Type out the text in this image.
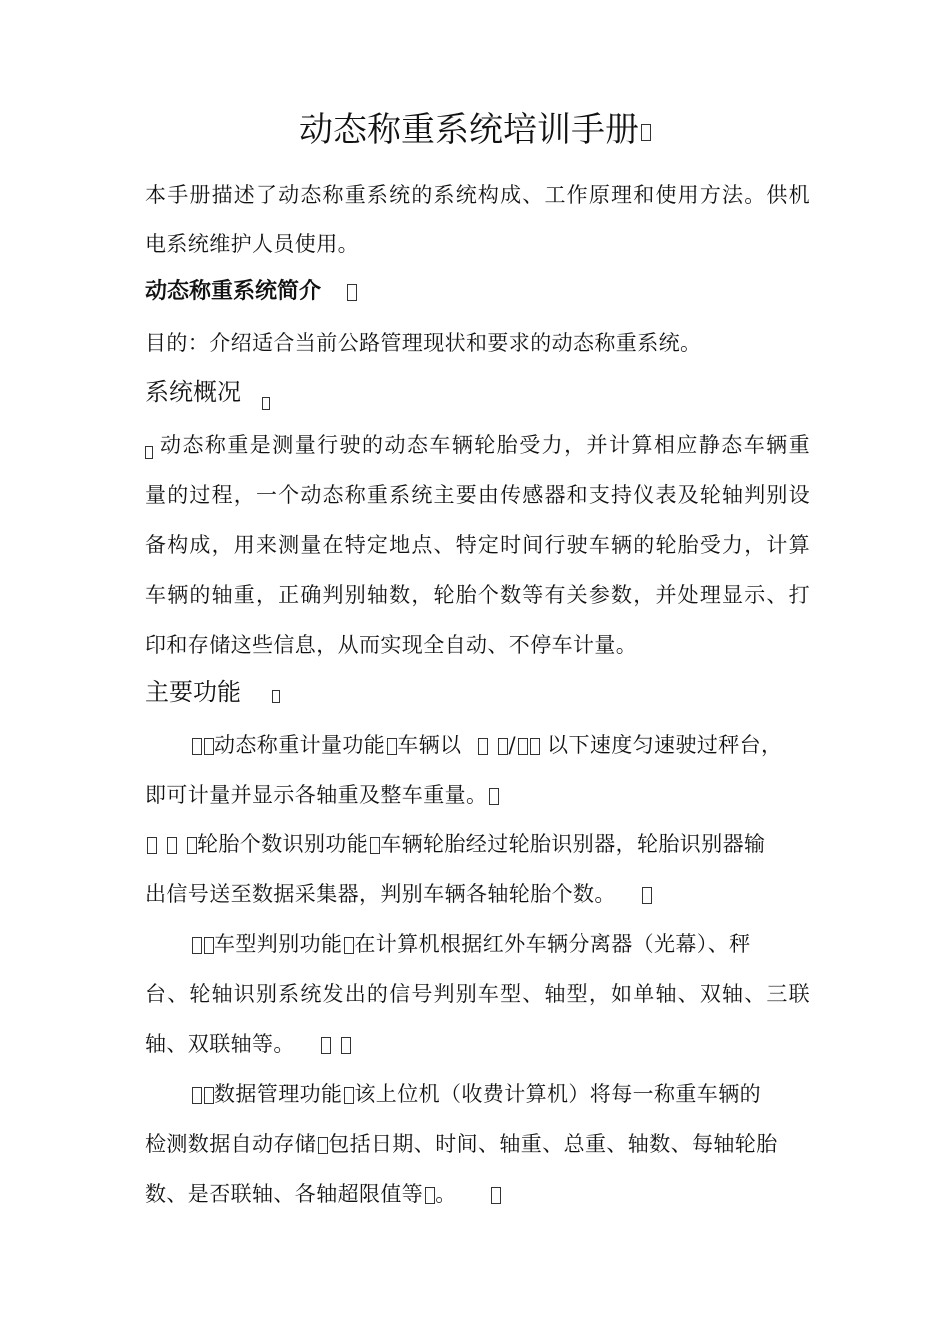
动态称重系统培训手册
本手册描述了动态称重系统的系统构成、工作原理和使用方法。供机
电系统维护人员使用。
动态称重系统简介
目的：介绍适合当前公路管理现状和要求的动态称重系统。
系统概况
动态称重是测量行驶的动态车辆轮胎受力，并计算相应静态车辆重
量的过程，一个动态称重系统主要由传感器和支持仪表及轮轴判别设
备构成，用来测量在特定地点、特定时间行驶车辆的轮胎受力，计算
车辆的轴重，正确判别轴数，轮胎个数等有关参数，并处理显示、打
印和存储这些信息，从而实现全自动、不停车计量。
主要功能
动态称重计量功能 车辆以 / 以下速度匀速驶过秤台，
即可计量并显示各轴重及整车重量。
轮胎个数识别功能 车辆轮胎经过轮胎识别器，轮胎识别器输
出信号送至数据采集器，判别车辆各轴轮胎个数。
车型判别功能 在计算机根据红外车辆分离器（光幕）、秤
台、轮轴识别系统发出的信号判别车型、轴型，如单轴、双轴、三联
轴、双联轴等。
数据管理功能 该上位机（收费计算机）将每一称重车辆的
检测数据自动存储 包括日期、时间、轴重、总重、轴数、每轴轮胎
数、是否联轴、各轴超限值等 。
